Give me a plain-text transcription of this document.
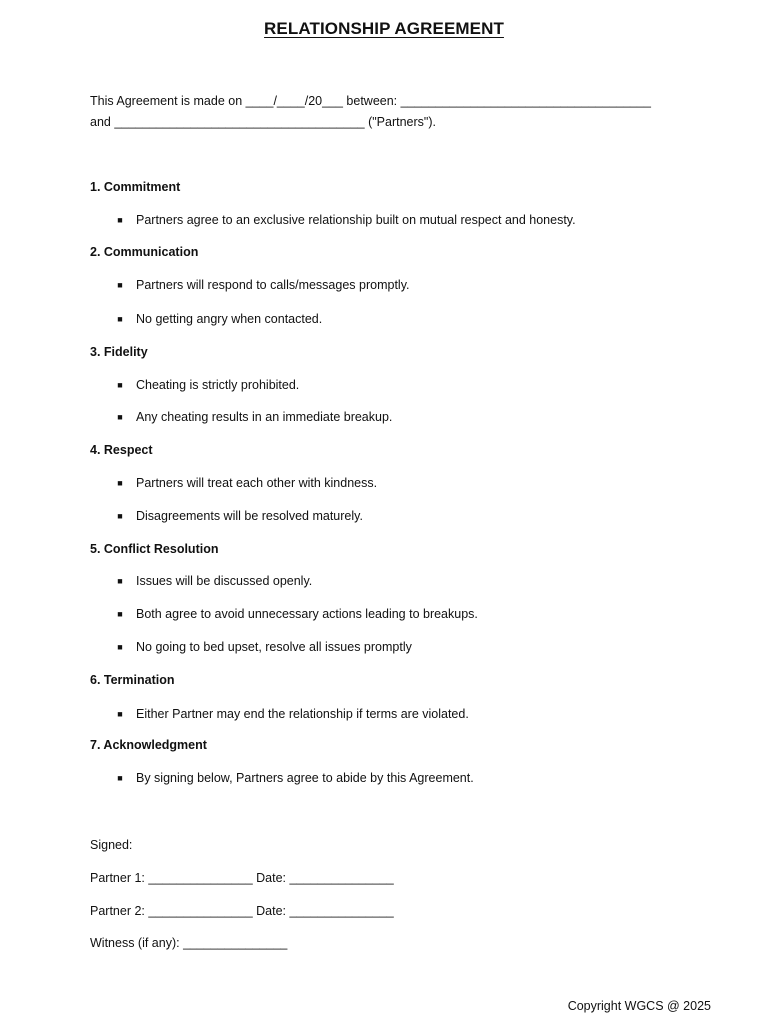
RELATIONSHIP AGREEMENT
This Agreement is made on ____/____/20___ between: ____________________________________
and ____________________________________ ("Partners").
1. Commitment
■ Partners agree to an exclusive relationship built on mutual respect and honesty.
2. Communication
■ Partners will respond to calls/messages promptly.
■ No getting angry when contacted.
3. Fidelity
■ Cheating is strictly prohibited.
■ Any cheating results in an immediate breakup.
4. Respect
■ Partners will treat each other with kindness.
■ Disagreements will be resolved maturely.
5. Conflict Resolution
■ Issues will be discussed openly.
■ Both agree to avoid unnecessary actions leading to breakups.
■ No going to bed upset, resolve all issues promptly
6. Termination
■ Either Partner may end the relationship if terms are violated.
7. Acknowledgment
■ By signing below, Partners agree to abide by this Agreement.
Signed:
Partner 1: _______________ Date: _______________
Partner 2: _______________ Date: _______________
Witness (if any): _______________
Copyright WGCS @ 2025
